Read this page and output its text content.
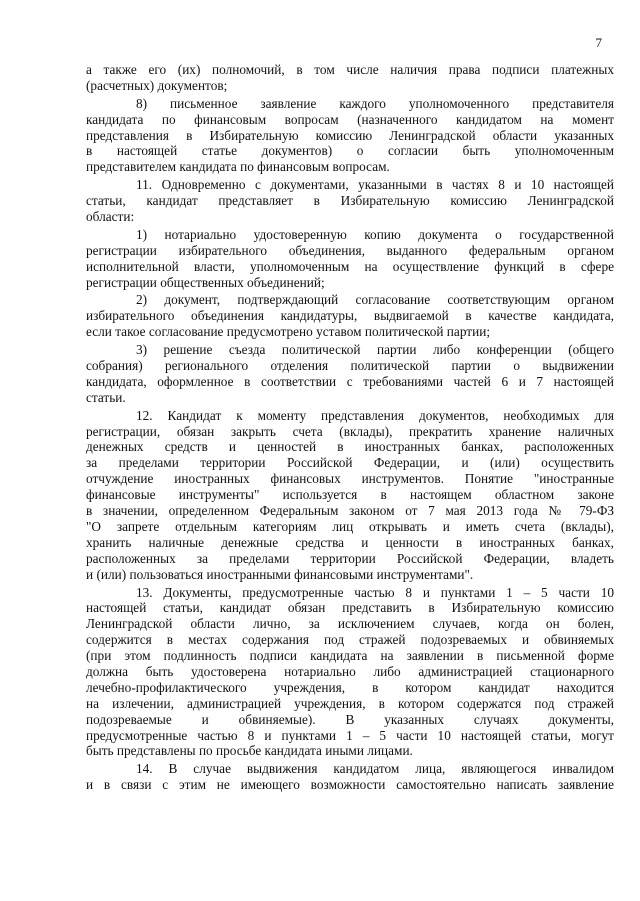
7
а также его (их) полномочий, в том числе наличия права подписи платежных
(расчетных) документов;
8) письменное заявление каждого уполномоченного представителя
кандидата по финансовым вопросам (назначенного кандидатом на момент
представления в Избирательную комиссию Ленинградской области указанных
в настоящей статье документов) о согласии быть уполномоченным
представителем кандидата по финансовым вопросам.
11. Одновременно с документами, указанными в частях 8 и 10 настоящей
статьи, кандидат представляет в Избирательную комиссию Ленинградской
области:
1) нотариально удостоверенную копию документа о государственной
регистрации избирательного объединения, выданного федеральным органом
исполнительной власти, уполномоченным на осуществление функций в сфере
регистрации общественных объединений;
2) документ, подтверждающий согласование соответствующим органом
избирательного объединения кандидатуры, выдвигаемой в качестве кандидата,
если такое согласование предусмотрено уставом политической партии;
3) решение съезда политической партии либо конференции (общего
собрания) регионального отделения политической партии о выдвижении
кандидата, оформленное в соответствии с требованиями частей 6 и 7 настоящей
статьи.
12. Кандидат к моменту представления документов, необходимых для
регистрации, обязан закрыть счета (вклады), прекратить хранение наличных
денежных средств и ценностей в иностранных банках, расположенных
за пределами территории Российской Федерации, и (или) осуществить
отчуждение иностранных финансовых инструментов. Понятие "иностранные
финансовые инструменты" используется в настоящем областном законе
в значении, определенном Федеральным законом от 7 мая 2013 года № 79-ФЗ
"О запрете отдельным категориям лиц открывать и иметь счета (вклады),
хранить наличные денежные средства и ценности в иностранных банках,
расположенных за пределами территории Российской Федерации, владеть
и (или) пользоваться иностранными финансовыми инструментами".
13. Документы, предусмотренные частью 8 и пунктами 1 – 5 части 10
настоящей статьи, кандидат обязан представить в Избирательную комиссию
Ленинградской области лично, за исключением случаев, когда он болен,
содержится в местах содержания под стражей подозреваемых и обвиняемых
(при этом подлинность подписи кандидата на заявлении в письменной форме
должна быть удостоверена нотариально либо администрацией стационарного
лечебно-профилактического учреждения, в котором кандидат находится
на излечении, администрацией учреждения, в котором содержатся под стражей
подозреваемые и обвиняемые). В указанных случаях документы,
предусмотренные частью 8 и пунктами 1 – 5 части 10 настоящей статьи, могут
быть представлены по просьбе кандидата иными лицами.
14. В случае выдвижения кандидатом лица, являющегося инвалидом
и в связи с этим не имеющего возможности самостоятельно написать заявление
